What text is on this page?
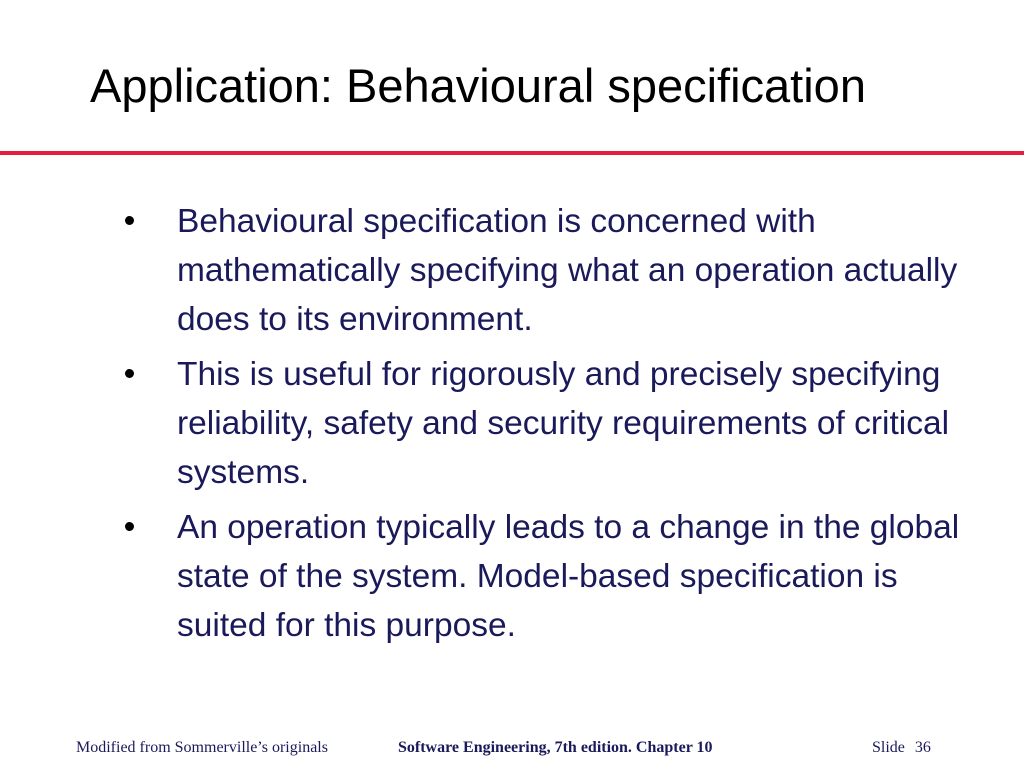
Application: Behavioural specification
Behavioural specification is concerned with mathematically specifying what an operation actually does to its environment.
This is useful for rigorously and precisely specifying reliability, safety and security requirements of critical systems.
An operation typically leads to a change in the global state of the system. Model-based specification is suited for this purpose.
Modified from Sommerville’s originals	Software Engineering, 7th edition. Chapter 10	Slide 36
